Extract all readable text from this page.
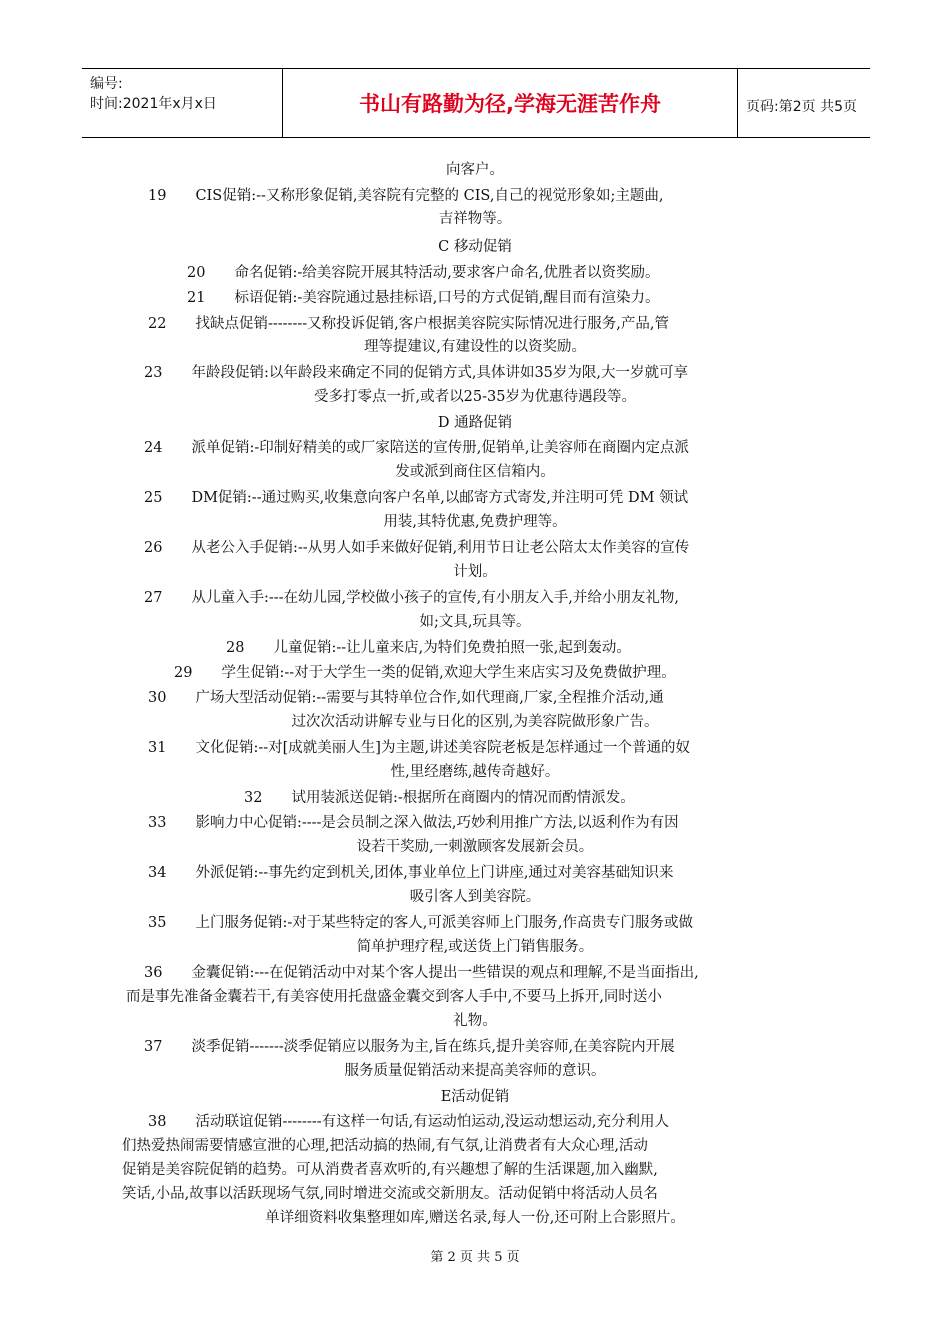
编号:
时间:2021年x月x日	书山有路勤为径,学海无涯苦作舟	页码:第2页 共5页
向客户。
19　　CIS促销:--又称形象促销,美容院有完整的 CIS,自己的视觉形象如;主题曲,
吉祥物等。
C 移动促销
20　　命名促销:-给美容院开展其特活动,要求客户命名,优胜者以资奖励。
21　　标语促销:-美容院通过悬挂标语,口号的方式促销,醒目而有渲染力。
22　　找缺点促销--------又称投诉促销,客户根据美容院实际情况进行服务,产品,管
理等提建议,有建设性的以资奖励。
23　　年龄段促销:以年龄段来确定不同的促销方式,具体讲如35岁为限,大一岁就可享
受多打零点一折,或者以25-35岁为优惠待遇段等。
D 通路促销
24　　派单促销:-印制好精美的或厂家陪送的宣传册,促销单,让美容师在商圈内定点派
发或派到商住区信箱内。
25　　DM促销:--通过购买,收集意向客户名单,以邮寄方式寄发,并注明可凭 DM 领试
用装,其特优惠,免费护理等。
26　　从老公入手促销:--从男人如手来做好促销,利用节日让老公陪太太作美容的宣传
计划。
27　　从儿童入手:---在幼儿园,学校做小孩子的宣传,有小朋友入手,并给小朋友礼物,
如;文具,玩具等。
28　　儿童促销:--让儿童来店,为特们免费拍照一张,起到轰动。
29　　学生促销:--对于大学生一类的促销,欢迎大学生来店实习及免费做护理。
30　　广场大型活动促销:--需要与其特单位合作,如代理商,厂家,全程推介活动,通
过次次活动讲解专业与日化的区别,为美容院做形象广告。
31　　文化促销:--对[成就美丽人生]为主题,讲述美容院老板是怎样通过一个普通的奴
性,里经磨练,越传奇越好。
32　　试用装派送促销:-根据所在商圈内的情况而酌情派发。
33　　影响力中心促销:----是会员制之深入做法,巧妙利用推广方法,以返利作为有因
设若干奖励,一刺激顾客发展新会员。
34　　外派促销:--事先约定到机关,团体,事业单位上门讲座,通过对美容基础知识来
吸引客人到美容院。
35　　上门服务促销:-对于某些特定的客人,可派美容师上门服务,作高贵专门服务或做
简单护理疗程,或送货上门销售服务。
36　　金囊促销:---在促销活动中对某个客人提出一些错误的观点和理解,不是当面指出,
而是事先准备金囊若干,有美容使用托盘盛金囊交到客人手中,不要马上拆开,同时送小
礼物。
37　　淡季促销-------淡季促销应以服务为主,旨在练兵,提升美容师,在美容院内开展
服务质量促销活动来提高美容师的意识。
E活动促销
38　　活动联谊促销--------有这样一句话,有运动怕运动,没运动想运动,充分利用人
们热爱热闹需要情感宣泄的心理,把活动搞的热闹,有气氛,让消费者有大众心理,活动
促销是美容院促销的趋势。可从消费者喜欢听的,有兴趣想了解的生活课题,加入幽默,
笑话,小品,故事以活跃现场气氛,同时增进交流或交新朋友。活动促销中将活动人员名
单详细资料收集整理如库,赠送名录,每人一份,还可附上合影照片。
第 2 页 共 5 页
